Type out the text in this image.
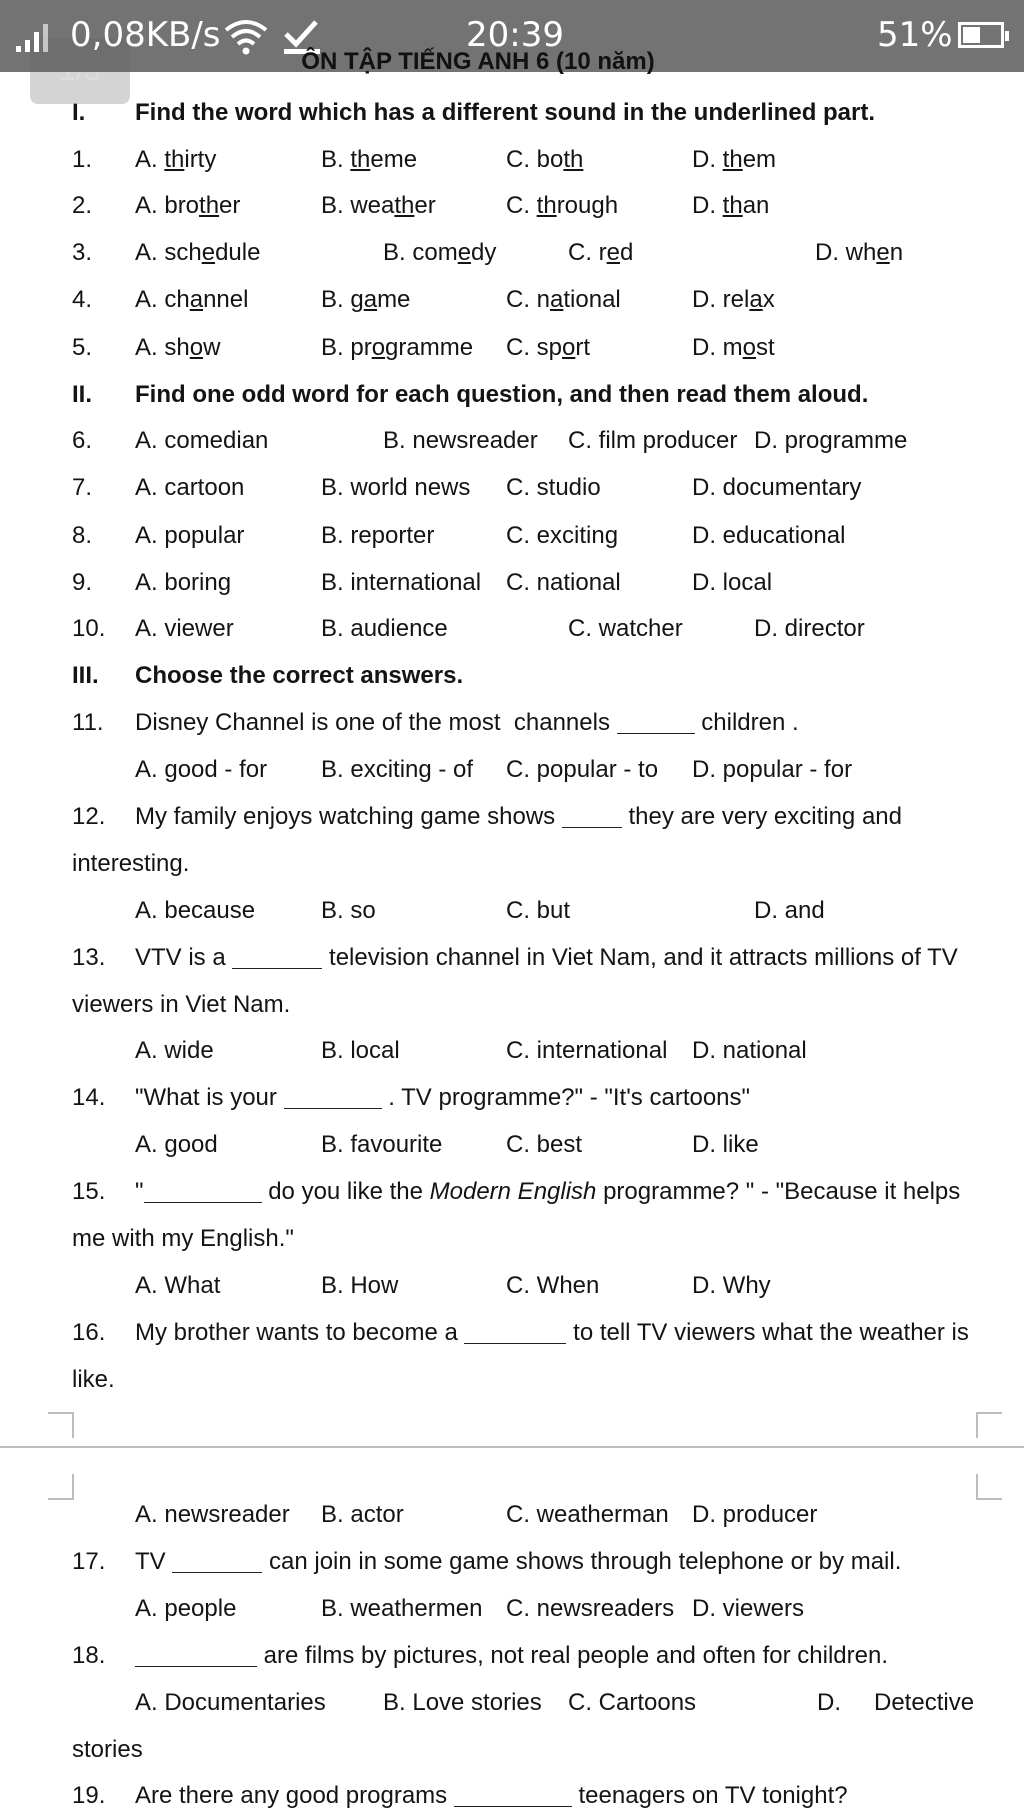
0,08KB/s	20:39	51%
ÔN TẬP TIẾNG ANH 6 (10 năm)
I. Find the word which has a different sound in the underlined part.
1. A. thirty	B. theme	C. both	D. them
2. A. brother	B. weather	C. through	D. than
3. A. schedule	B. comedy	C. red	D. when
4. A. channel	B. game	C. national	D. relax
5. A. show	B. programme C. sport	D. most
II. Find one odd word for each question, and then read them aloud.
6. A. comedian	B. newsreader C. film producer D. programme
7. A. cartoon	B. world news C. studio	D. documentary
8. A. popular	B. reporter	C. exciting	D. educational
9. A. boring	B. international C. national	D. local
10. A. viewer	B. audience	C. watcher	D. director
III. Choose the correct answers.
11. Disney Channel is one of the most  channels	children .
A. good - for B. exciting - of C. popular - to D. popular - for
12. My family enjoys watching game shows	they are very exciting and
interesting.
A. because	B. so	C. but	D. and
13. VTV is a	television channel in Viet Nam, and it attracts millions of TV
viewers in Viet Nam.
A. wide	B. local	C. international D. national
14. "What is your	. TV programme?" - "It's cartoons"
A. good	B. favourite	C. best	D. like
15. "	do you like the Modern English programme? " - "Because it helps
me with my English."
A. What	B. How	C. When	D. Why
16. My brother wants to become a	to tell TV viewers what the weather is
like.
A. newsreader B. actor	C. weatherman D. producer
17. TV	can join in some game shows through telephone or by mail.
A. people	B. weathermen C. newsreaders D. viewers
18.	are films by pictures, not real people and often for children.
A. Documentaries B. Love stories C. Cartoons	D. Detective
stories
19. Are there any good programs	teenagers on TV tonight?
